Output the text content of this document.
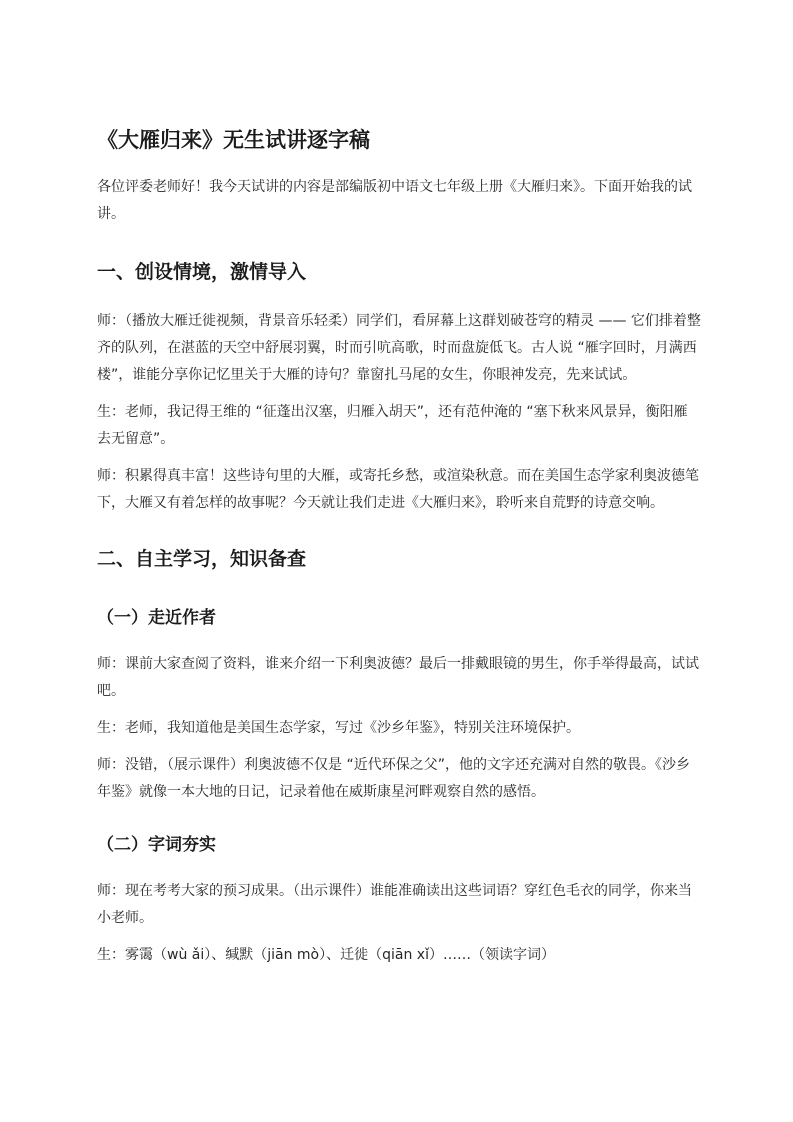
《大雁归来》无生试讲逐字稿

各位评委老师好！我今天试讲的内容是部编版初中语文七年级上册《大雁归来》。下面开始我的试讲。

一、创设情境，激情导入

师：（播放大雁迁徙视频，背景音乐轻柔）同学们，看屏幕上这群划破苍穹的精灵 —— 它们排着整齐的队列，在湛蓝的天空中舒展羽翼，时而引吭高歌，时而盘旋低飞。古人说 “雁字回时，月满西楼”，谁能分享你记忆里关于大雁的诗句？靠窗扎马尾的女生，你眼神发亮，先来试试。

生：老师，我记得王维的 “征蓬出汉塞，归雁入胡天”，还有范仲淹的 “塞下秋来风景异，衡阳雁去无留意”。

师：积累得真丰富！这些诗句里的大雁，或寄托乡愁，或渲染秋意。而在美国生态学家利奥波德笔下，大雁又有着怎样的故事呢？今天就让我们走进《大雁归来》，聆听来自荒野的诗意交响。

二、自主学习，知识备查
（一）走近作者

师：课前大家查阅了资料，谁来介绍一下利奥波德？最后一排戴眼镜的男生，你手举得最高，试试吧。

生：老师，我知道他是美国生态学家，写过《沙乡年鉴》，特别关注环境保护。

师：没错，（展示课件）利奥波德不仅是 “近代环保之父”，他的文字还充满对自然的敬畏。《沙乡年鉴》就像一本大地的日记，记录着他在威斯康星河畔观察自然的感悟。

（二）字词夯实

师：现在考考大家的预习成果。（出示课件）谁能准确读出这些词语？穿红色毛衣的同学，你来当小老师。

生：雾霭（wù ǎi）、缄默（jiān mò）、迁徙（qiān xǐ）……（领读字词）
